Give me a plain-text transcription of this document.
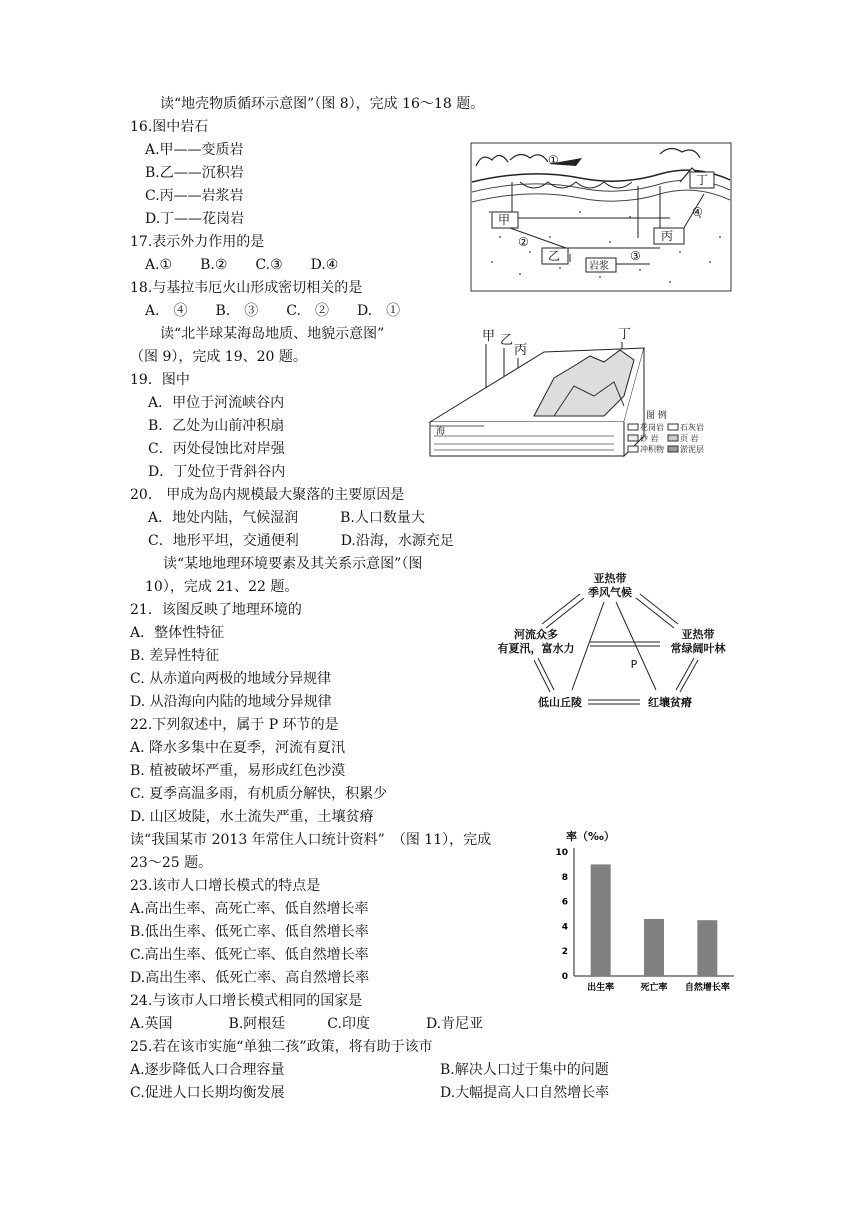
读“地壳物质循环示意图”（图 8），完成 16～18 题。
16.图中岩石
A.甲——变质岩
B.乙——沉积岩
C.丙——岩浆岩
D.丁——花岗岩
17.表示外力作用的是
A.①　　B.②　　C.③　　D.④
18.与基拉韦厄火山形成密切相关的是
A.　④　　B.　③　　C.　②　　D.　①
读“北半球某海岛地质、地貌示意图”
（图 9），完成 19、20 题。
19．图中
A．甲位于河流峡谷内
B．乙处为山前冲积扇
C．丙处侵蚀比对岸强
D．丁处位于背斜谷内
20． 甲成为岛内规模最大聚落的主要原因是
A．地处内陆，气候湿润　　　B.人口数量大
C．地形平坦，交通便利　　　D.沿海，水源充足
读“某地地理环境要素及其关系示意图”（图
10），完成 21、22 题。
21．该图反映了地理环境的
A．整体性特征
B. 差异性特征
C. 从赤道向两极的地域分异规律
D. 从沿海向内陆的地域分异规律
22.下列叙述中，属于 P 环节的是
A. 降水多集中在夏季，河流有夏汛
B. 植被破坏严重，易形成红色沙漠
C. 夏季高温多雨，有机质分解快，积累少
D. 山区坡陡，水土流失严重，土壤贫瘠
读“我国某市 2013 年常住人口统计资料”　（图 11），完成
23～25 题。
23.该市人口增长模式的特点是
A.高出生率、高死亡率、低自然增长率
B.低出生率、低死亡率、低自然增长率
C.高出生率、低死亡率、低自然增长率
D.高出生率、低死亡率、高自然增长率
24.与该市人口增长模式相同的国家是
A.英国　　　　B.阿根廷　　　C.印度　　　　D.肯尼亚
25.若在该市实施“单独二孩”政策，将有助于该市
A.逐步降低人口合理容量	B.解决人口过于集中的问题
C.促进人口长期均衡发展	D.大幅提高人口自然增长率
甲
乙
丙
丁
岩浆
①
②
③
④
甲 乙
丙
丁
海
图 例
花岗岩 石灰岩
砂 岩	页 岩
冲积物 淤泥层
亚热带
季风气候
亚热带
常绿阔叶林
红壤贫瘠
低山丘陵
河流众多
有夏汛，富水力
P
率（‰）
0
2
4
6
8
10
出生率	死亡率 自然增长率
